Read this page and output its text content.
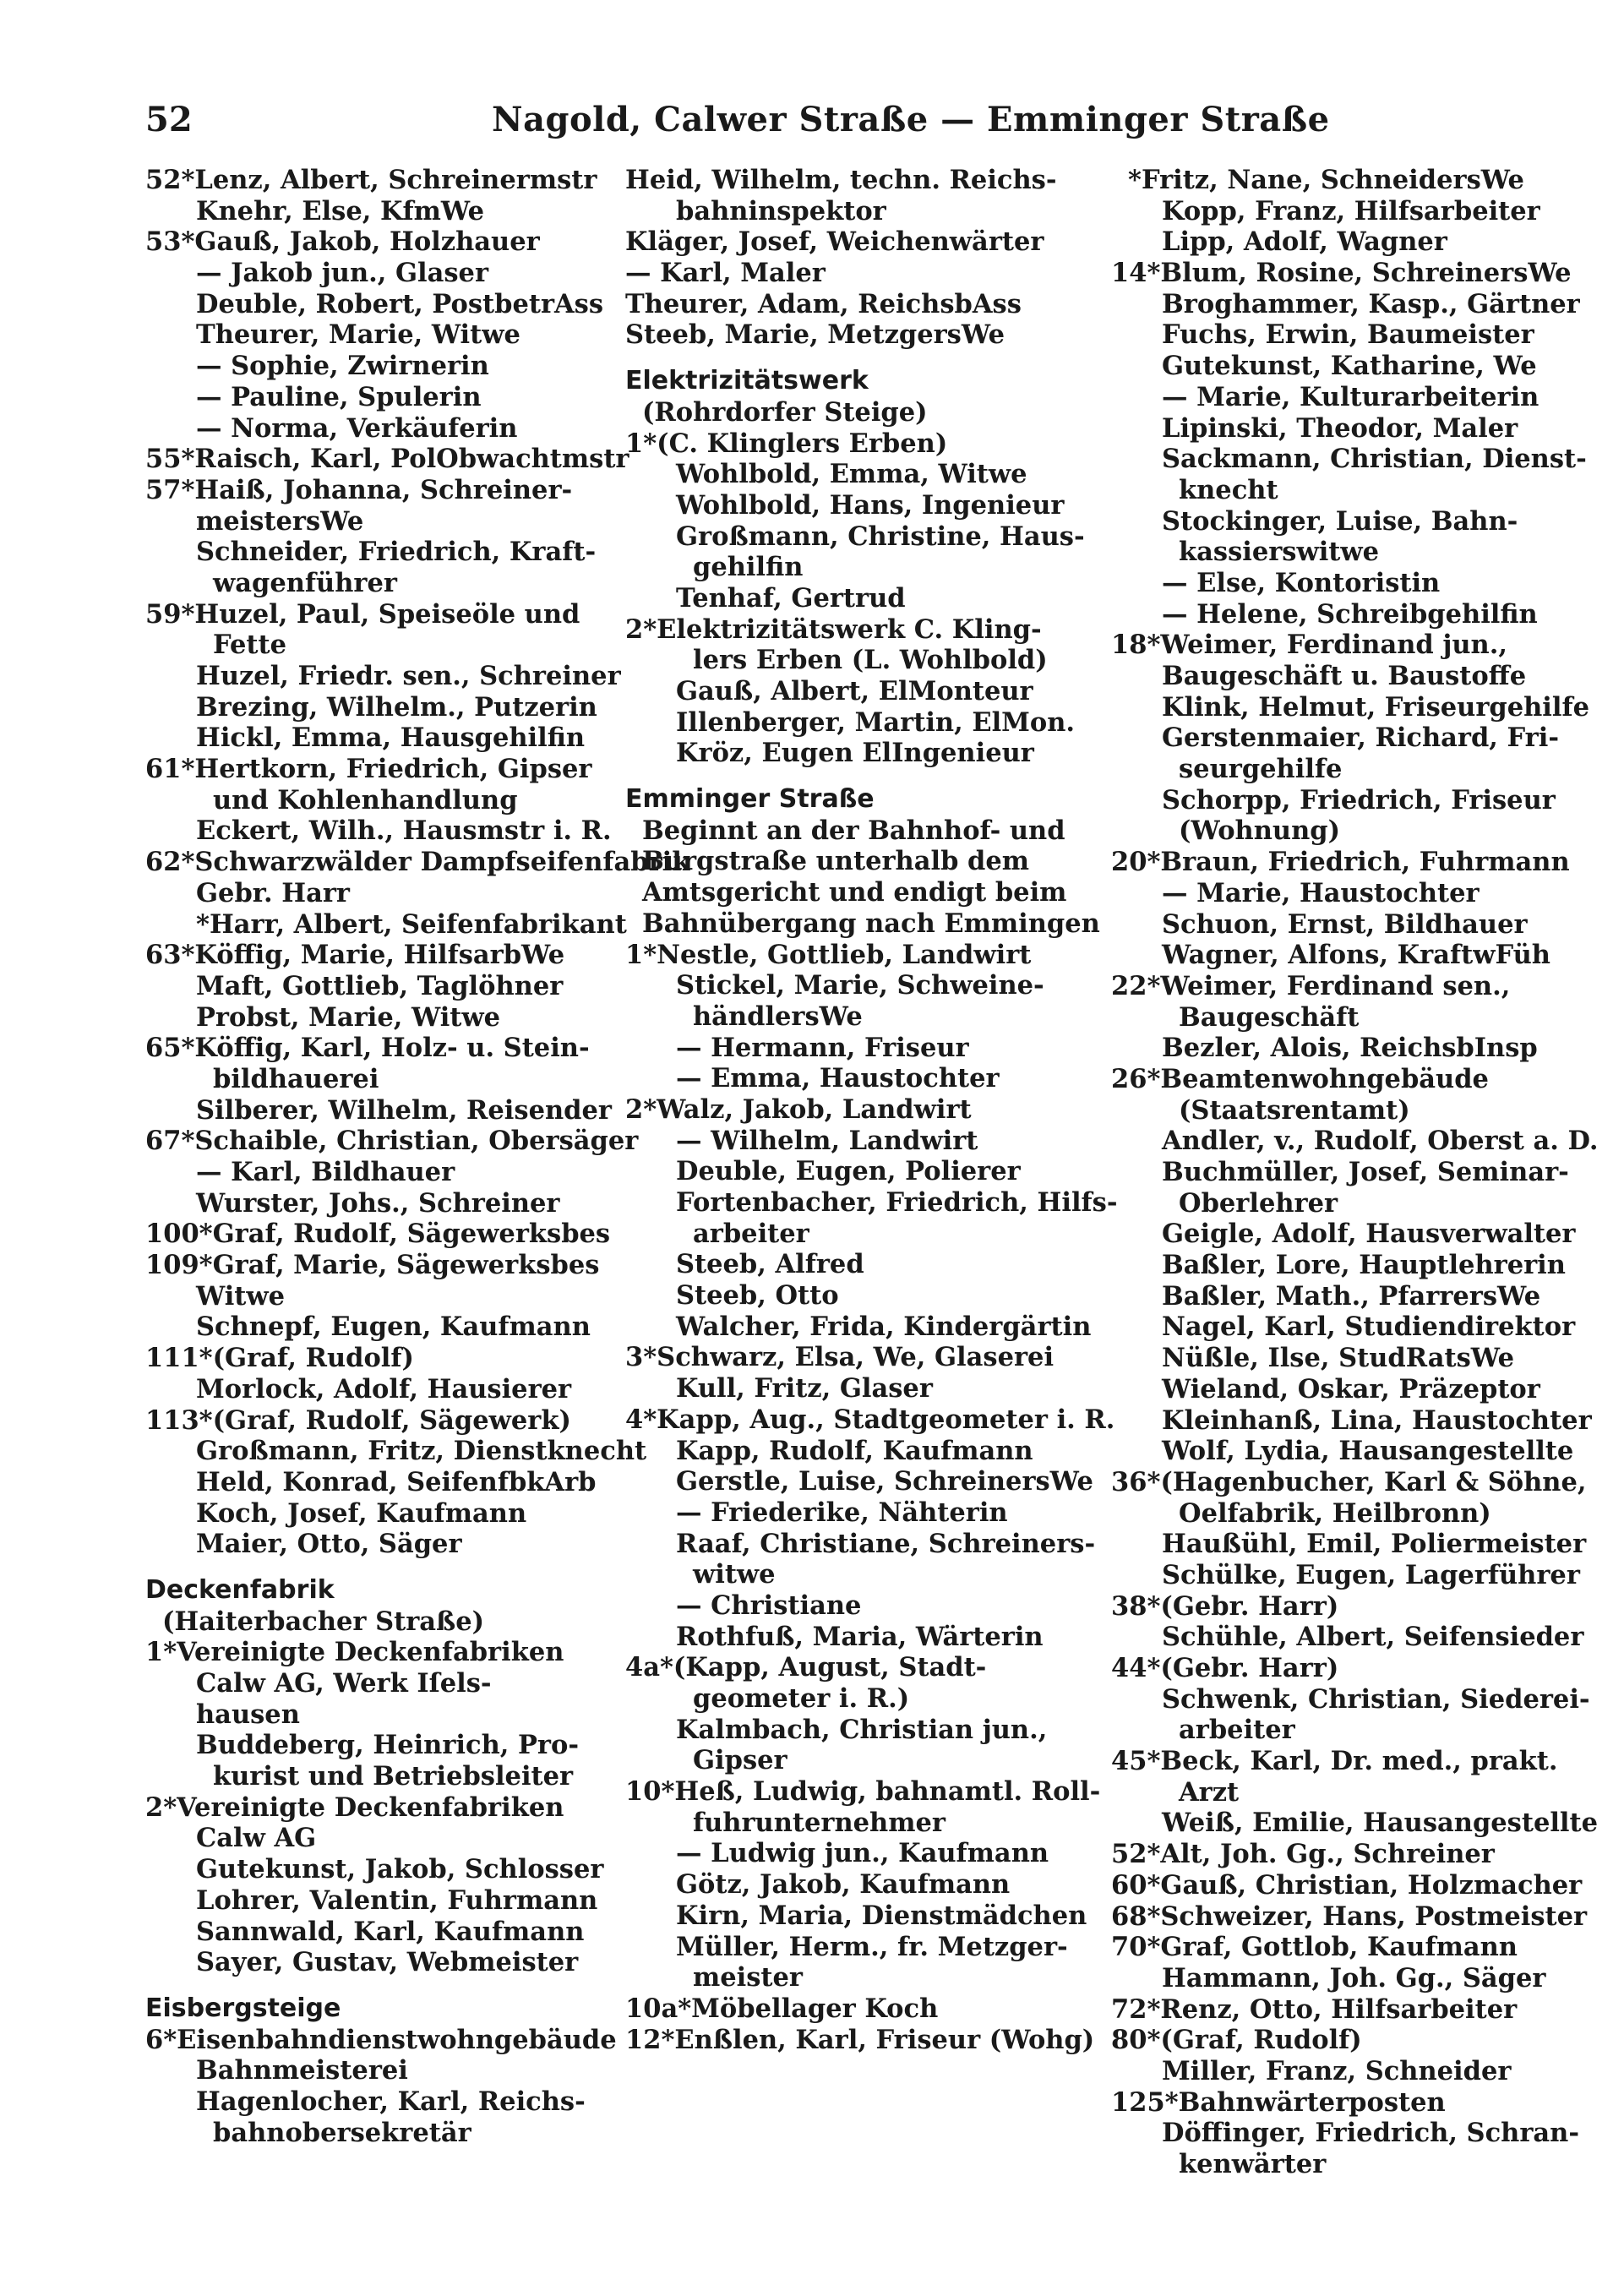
52	Nagold, Calwer Straße — Emminger Straße
52*Lenz, Albert, Schreinermstr
Knehr, Else, KfmWe
53*Gauß, Jakob, Holzhauer
— Jakob jun., Glaser
Deuble, Robert, PostbetrAss
Theurer, Marie, Witwe
— Sophie, Zwirnerin
— Pauline, Spulerin
— Norma, Verkäuferin
55*Raisch, Karl, PolObwachtmstr
57*Haiß, Johanna, Schreiner-
meistersWe
Schneider, Friedrich, Kraft-
wagenführer
59*Huzel, Paul, Speiseöle und
Fette
Huzel, Friedr. sen., Schreiner
Brezing, Wilhelm., Putzerin
Hickl, Emma, Hausgehilfin
61*Hertkorn, Friedrich, Gipser
und Kohlenhandlung
Eckert, Wilh., Hausmstr i. R.
62*Schwarzwälder Dampfseifenfabrik
Gebr. Harr
*Harr, Albert, Seifenfabrikant
63*Köffig, Marie, HilfsarbWe
Maft, Gottlieb, Taglöhner
Probst, Marie, Witwe
65*Köffig, Karl, Holz- u. Stein-
bildhauerei
Silberer, Wilhelm, Reisender
67*Schaible, Christian, Obersäger
— Karl, Bildhauer
Wurster, Johs., Schreiner
100*Graf, Rudolf, Sägewerksbes
109*Graf, Marie, Sägewerksbes
Witwe
Schnepf, Eugen, Kaufmann
111*(Graf, Rudolf)
Morlock, Adolf, Hausierer
113*(Graf, Rudolf, Sägewerk)
Großmann, Fritz, Dienstknecht
Held, Konrad, SeifenfbkArb
Koch, Josef, Kaufmann
Maier, Otto, Säger
Deckenfabrik
(Haiterbacher Straße)
1*Vereinigte Deckenfabriken
Calw AG, Werk Iſels-
hausen
Buddeberg, Heinrich, Pro-
kurist und Betriebsleiter
2*Vereinigte Deckenfabriken
Calw AG
Gutekunst, Jakob, Schlosser
Lohrer, Valentin, Fuhrmann
Sannwald, Karl, Kaufmann
Sayer, Gustav, Webmeister
Eisbergsteige
6*Eisenbahndienstwohngebäude
Bahnmeisterei
Hagenlocher, Karl, Reichs-
bahnobersekretär
Heid, Wilhelm, techn. Reichs-
bahninspektor
Kläger, Josef, Weichenwärter
— Karl, Maler
Theurer, Adam, ReichsbAss
Steeb, Marie, MetzgersWe
Elektrizitätswerk
(Rohrdorfer Steige)
1*(C. Klinglers Erben)
Wohlbold, Emma, Witwe
Wohlbold, Hans, Ingenieur
Großmann, Christine, Haus-
gehilfin
Tenhaf, Gertrud
2*Elektrizitätswerk C. Kling-
lers Erben (L. Wohlbold)
Gauß, Albert, ElMonteur
Illenberger, Martin, ElMon.
Kröz, Eugen ElIngenieur
Emminger Straße
Beginnt an der Bahnhof- und
Burgstraße unterhalb dem
Amtsgericht und endigt beim
Bahnübergang nach Emmingen
1*Nestle, Gottlieb, Landwirt
Stickel, Marie, Schweine-
händlersWe
— Hermann, Friseur
— Emma, Haustochter
2*Walz, Jakob, Landwirt
— Wilhelm, Landwirt
Deuble, Eugen, Polierer
Fortenbacher, Friedrich, Hilfs-
arbeiter
Steeb, Alfred
Steeb, Otto
Walcher, Frida, Kindergärtin
3*Schwarz, Elsa, We, Glaserei
Kull, Fritz, Glaser
4*Kapp, Aug., Stadtgeometer i. R.
Kapp, Rudolf, Kaufmann
Gerstle, Luise, SchreinersWe
— Friederike, Nähterin
Raaf, Christiane, Schreiners-
witwe
— Christiane
Rothfuß, Maria, Wärterin
4a*(Kapp, August, Stadt-
geometer i. R.)
Kalmbach, Christian jun.,
Gipser
10*Heß, Ludwig, bahnamtl. Roll-
fuhrunternehmer
— Ludwig jun., Kaufmann
Götz, Jakob, Kaufmann
Kirn, Maria, Dienstmädchen
Müller, Herm., fr. Metzger-
meister
10a*Möbellager Koch
12*Enßlen, Karl, Friseur (Wohg)
*Fritz, Nane, SchneidersWe
Kopp, Franz, Hilfsarbeiter
Lipp, Adolf, Wagner
14*Blum, Rosine, SchreinersWe
Broghammer, Kasp., Gärtner
Fuchs, Erwin, Baumeister
Gutekunst, Katharine, We
— Marie, Kulturarbeiterin
Lipinski, Theodor, Maler
Sackmann, Christian, Dienst-
knecht
Stockinger, Luise, Bahn-
kassierswitwe
— Else, Kontoristin
— Helene, Schreibgehilfin
18*Weimer, Ferdinand jun.,
Baugeschäft u. Baustoffe
Klink, Helmut, Friseurgehilfe
Gerstenmaier, Richard, Fri-
seurgehilfe
Schorpp, Friedrich, Friseur
(Wohnung)
20*Braun, Friedrich, Fuhrmann
— Marie, Haustochter
Schuon, Ernst, Bildhauer
Wagner, Alfons, KraftwFüh
22*Weimer, Ferdinand sen.,
Baugeschäft
Bezler, Alois, ReichsbInsp
26*Beamtenwohngebäude
(Staatsrentamt)
Andler, v., Rudolf, Oberst a. D.
Buchmüller, Josef, Seminar-
Oberlehrer
Geigle, Adolf, Hausverwalter
Baßler, Lore, Hauptlehrerin
Baßler, Math., PfarrersWe
Nagel, Karl, Studiendirektor
Nüßle, Ilse, StudRatsWe
Wieland, Oskar, Präzeptor
Kleinhanß, Lina, Haustochter
Wolf, Lydia, Hausangestellte
36*(Hagenbucher, Karl & Söhne,
Oelfabrik, Heilbronn)
Haußühl, Emil, Poliermeister
Schülke, Eugen, Lagerführer
38*(Gebr. Harr)
Schühle, Albert, Seifensieder
44*(Gebr. Harr)
Schwenk, Christian, Siederei-
arbeiter
45*Beck, Karl, Dr. med., prakt.
Arzt
Weiß, Emilie, Hausangestellte
52*Alt, Joh. Gg., Schreiner
60*Gauß, Christian, Holzmacher
68*Schweizer, Hans, Postmeister
70*Graf, Gottlob, Kaufmann
Hammann, Joh. Gg., Säger
72*Renz, Otto, Hilfsarbeiter
80*(Graf, Rudolf)
Miller, Franz, Schneider
125*Bahnwärterposten
Döffinger, Friedrich, Schran-
kenwärter
